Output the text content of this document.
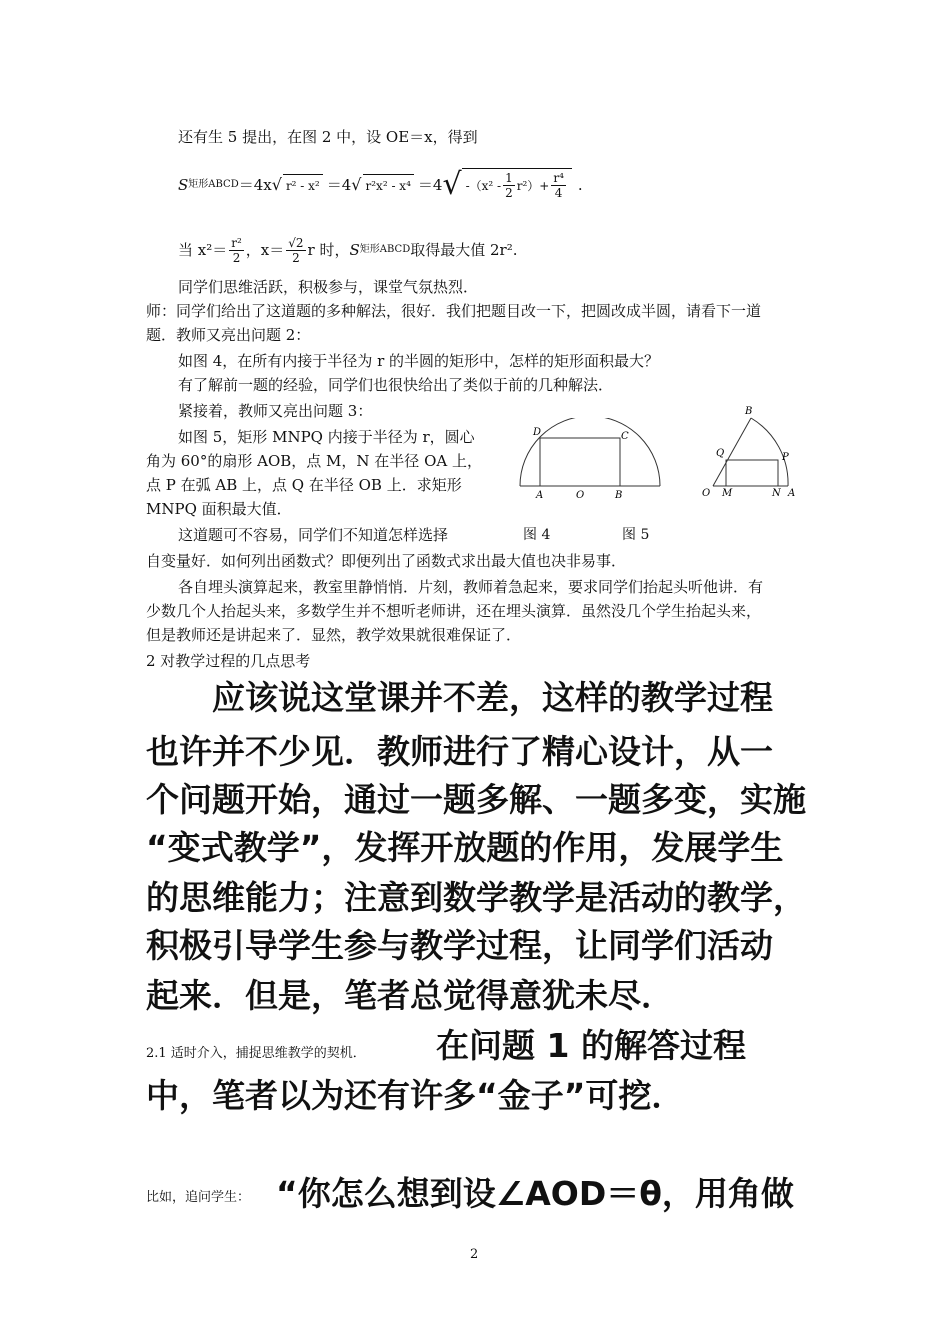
还有生 5 提出，在图 2 中，设 OE＝x，得到

S 矩形ABCD ＝4x √ r² - x² ＝4 √ r²x² - x⁴ ＝4 √ $-(x^2 - \frac{1}{2} r^2)+ \frac{\text{r⁴}}{4}$ .
当 $x^2= \frac{\text{r²}}{2}$ ，$x= \frac{√2}{2}$ r 时， S 矩形ABCD 取得最大值 2r².

同学们思维活跃，积极参与，课堂气氛热烈．

师：同学们给出了这道题的多种解法，很好．我们把题目改一下，把圆改成半圆，请看下一道

题．教师又亮出问题 2：

如图 4，在所有内接于半径为 r 的半圆的矩形中，怎样的矩形面积最大？

有了解前一题的经验，同学们也很快给出了类似于前的几种解法．

紧接着，教师又亮出问题 3：

如图 5，矩形 MNPQ 内接于半径为 r，圆心

角为 60°的扇形 AOB，点 M，N 在半径 OA 上，

点 P 在弧 AB 上，点 Q 在半径 OB 上．求矩形

MNPQ 面积最大值．

这道题可不容易，同学们不知道怎样选择

D	C
A	O	B
B
Q	P
O M	N A

图 4	图 5

自变量好．如何列出函数式？即便列出了函数式求出最大值也决非易事．

各自埋头演算起来，教室里静悄悄．片刻，教师着急起来，要求同学们抬起头听他讲．有

少数几个人抬起头来，多数学生并不想听老师讲，还在埋头演算．虽然没几个学生抬起头来，

但是教师还是讲起来了．显然，教学效果就很难保证了．

2 对教学过程的几点思考

应该说这堂课并不差，这样的教学过程

也许并不少见．教师进行了精心设计，从一

个问题开始，通过一题多解、一题多变，实施

“变式教学”，发挥开放题的作用，发展学生

的思维能力；注意到数学教学是活动的教学，

积极引导学生参与教学过程，让同学们活动

起来．但是，笔者总觉得意犹未尽．

2.1 适时介入，捕捉思维教学的契机． 在问题 1 的解答过程

中，笔者以为还有许多“金子”可挖．

比如，追问学生： “你怎么想到设∠AOD＝θ，用角做

2
